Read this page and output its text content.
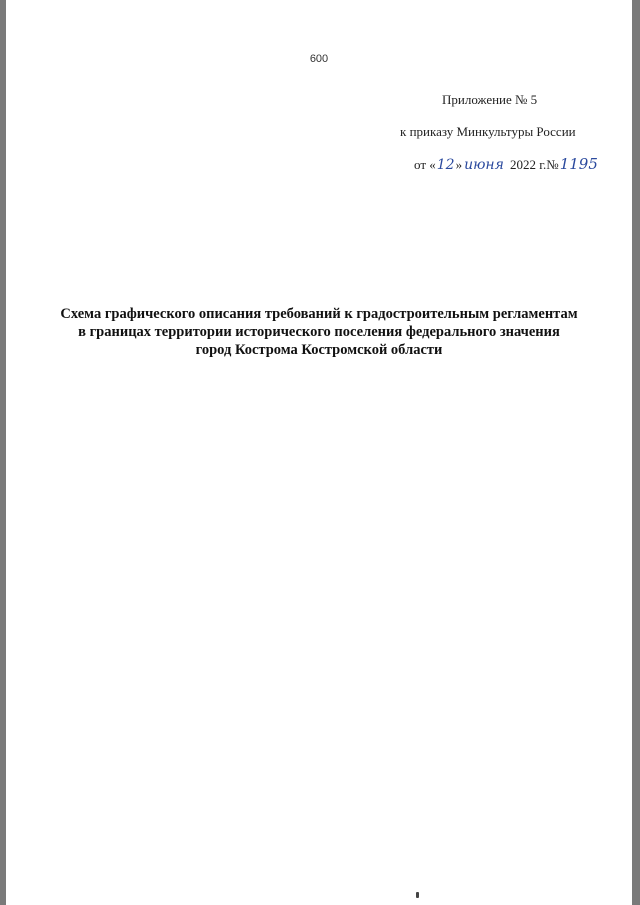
600
Приложение № 5
к приказу Минкультуры России
от «12» июня 2022 г.№1195
Схема графического описания требований к градостроительным регламентам
в границах территории исторического поселения федерального значения
город Кострома Костромской области
